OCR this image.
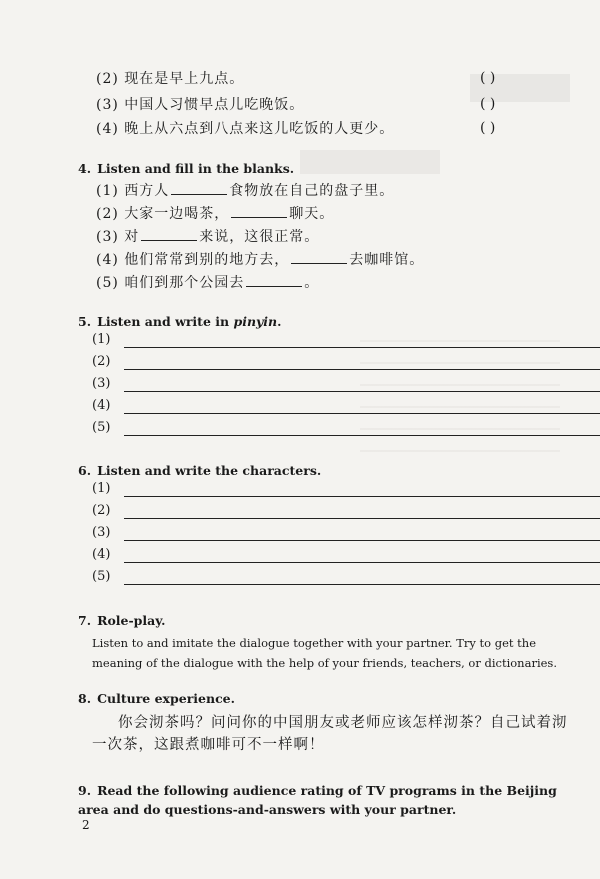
(2) 现在是早上九点。	( )
(3) 中国人习惯早点儿吃晚饭。	( )
(4) 晚上从六点到八点来这儿吃饭的人更少。	( )
4. Listen and fill in the blanks.
(1) 西方人	食物放在自己的盘子里。
(2) 大家一边喝茶，	聊天。
(3) 对	来说，这很正常。
(4) 他们常常到别的地方去，	去咖啡馆。
(5) 咱们到那个公园去	。
5. Listen and write in pinyin.
(1)
(2)
(3)
(4)
(5)
6. Listen and write the characters.
(1)
(2)
(3)
(4)
(5)
7. Role-play.
Listen to and imitate the dialogue together with your partner. Try to get the meaning of the dialogue with the help of your friends, teachers, or dictionaries.
8. Culture experience.
你会沏茶吗？问问你的中国朋友或老师应该怎样沏茶？自己试着沏一次茶，这跟煮咖啡可不一样啊！
9. Read the following audience rating of TV programs in the Beijing area and do questions-and-answers with your partner.
2
